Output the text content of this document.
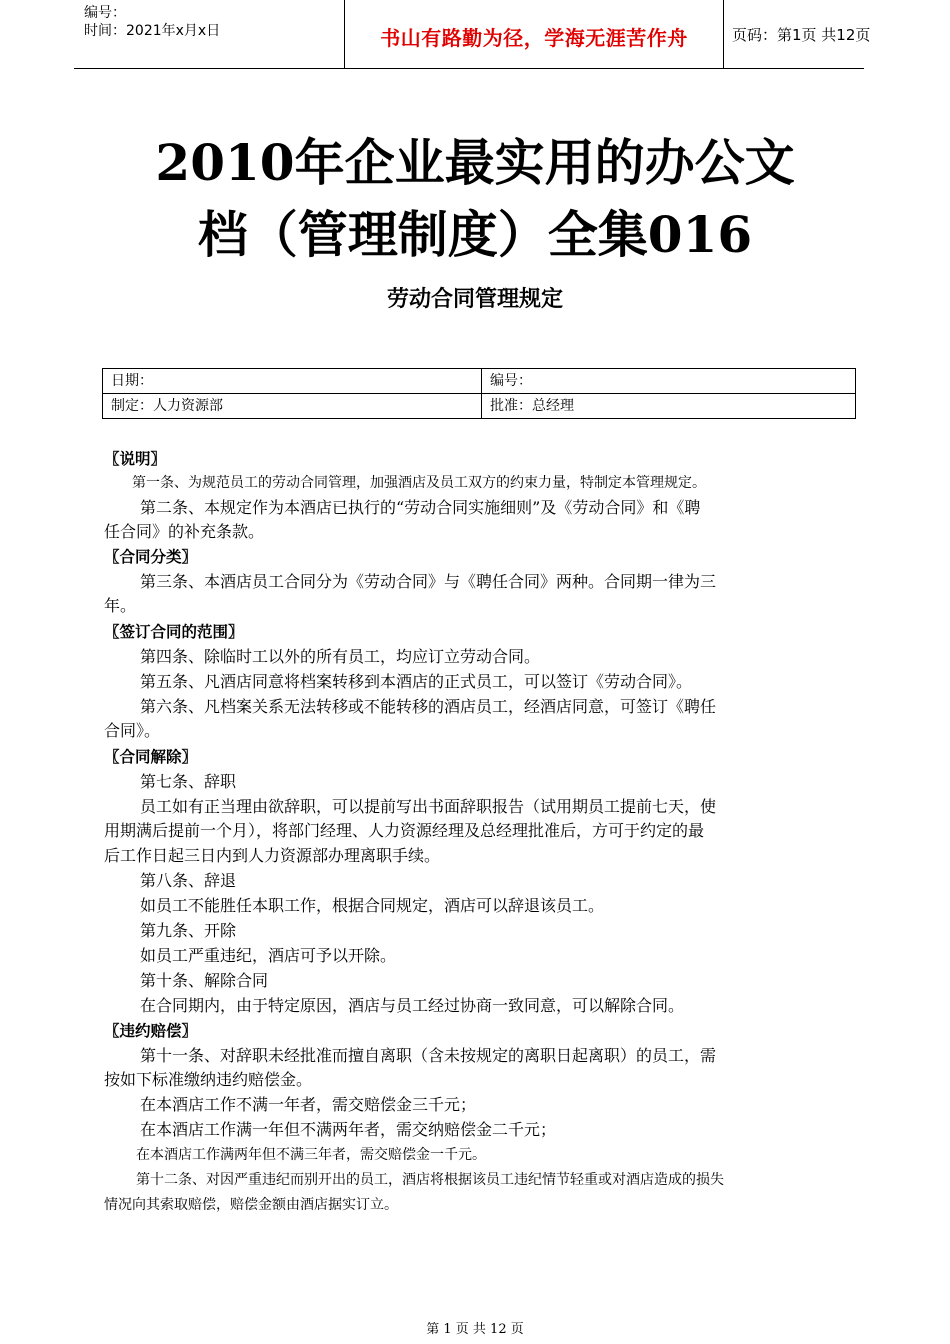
编号：
时间：2021年x月x日	书山有路勤为径，学海无涯苦作舟	页码：第1页 共12页
2010年企业最实用的办公文
档（管理制度）全集016
劳动合同管理规定
日期：	编号：
制定：人力资源部	批准：总经理
〖说明〗
第一条、为规范员工的劳动合同管理，加强酒店及员工双方的约束力量，特制定本管理规定。
第二条、本规定作为本酒店已执行的“劳动合同实施细则”及《劳动合同》和《聘
任合同》的补充条款。
〖合同分类〗
第三条、本酒店员工合同分为《劳动合同》与《聘任合同》两种。合同期一律为三
年。
〖签订合同的范围〗
第四条、除临时工以外的所有员工，均应订立劳动合同。
第五条、凡酒店同意将档案转移到本酒店的正式员工，可以签订《劳动合同》。
第六条、凡档案关系无法转移或不能转移的酒店员工，经酒店同意，可签订《聘任
合同》。
〖合同解除〗
第七条、辞职
员工如有正当理由欲辞职，可以提前写出书面辞职报告（试用期员工提前七天，使
用期满后提前一个月），将部门经理、人力资源经理及总经理批准后，方可于约定的最
后工作日起三日内到人力资源部办理离职手续。
第八条、辞退
如员工不能胜任本职工作，根据合同规定，酒店可以辞退该员工。
第九条、开除
如员工严重违纪，酒店可予以开除。
第十条、解除合同
在合同期内，由于特定原因，酒店与员工经过协商一致同意，可以解除合同。
〖违约赔偿〗
第十一条、对辞职未经批准而擅自离职（含未按规定的离职日起离职）的员工，需
按如下标准缴纳违约赔偿金。
在本酒店工作不满一年者，需交赔偿金三千元；
在本酒店工作满一年但不满两年者，需交纳赔偿金二千元；
在本酒店工作满两年但不满三年者，需交赔偿金一千元。
第十二条、对因严重违纪而别开出的员工，酒店将根据该员工违纪情节轻重或对酒店造成的损失
情况向其索取赔偿，赔偿金额由酒店据实订立。
第 1 页 共 12 页
